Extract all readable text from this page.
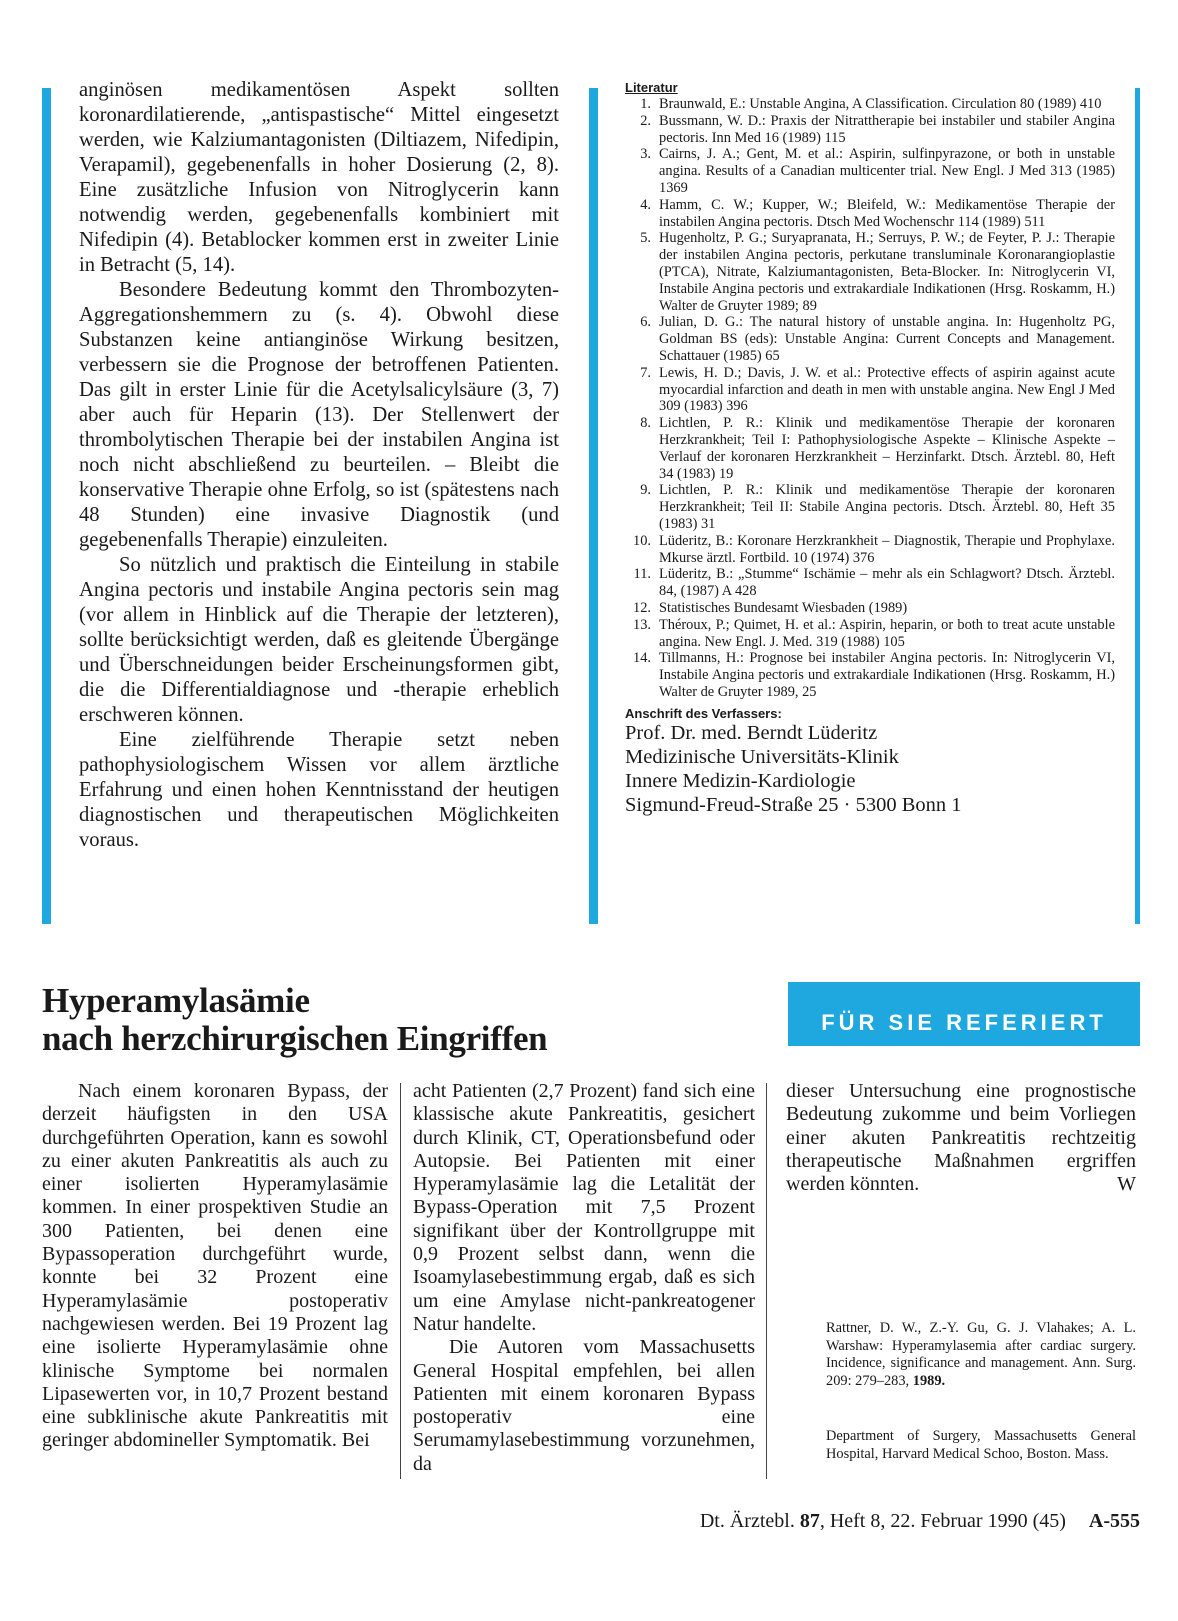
anginösen medikamentösen Aspekt sollten koronardilatierende, „antispastische“ Mittel eingesetzt werden, wie Kalziumantagonisten (Diltiazem, Nifedipin, Verapamil), gegebenenfalls in hoher Dosierung (2, 8). Eine zusätzliche Infusion von Nitroglycerin kann notwendig werden, gegebenenfalls kombiniert mit Nifedipin (4). Betablocker kommen erst in zweiter Linie in Betracht (5, 14).

Besondere Bedeutung kommt den Thrombozyten-Aggregationshemmern zu (s. 4). Obwohl diese Substanzen keine antianginöse Wirkung besitzen, verbessern sie die Prognose der betroffenen Patienten. Das gilt in erster Linie für die Acetylsalicylsäure (3, 7) aber auch für Heparin (13). Der Stellenwert der thrombolytischen Therapie bei der instabilen Angina ist noch nicht abschließend zu beurteilen. – Bleibt die konservative Therapie ohne Erfolg, so ist (spätestens nach 48 Stunden) eine invasive Diagnostik (und gegebenenfalls Therapie) einzuleiten.

So nützlich und praktisch die Einteilung in stabile Angina pectoris und instabile Angina pectoris sein mag (vor allem in Hinblick auf die Therapie der letzteren), sollte berücksichtigt werden, daß es gleitende Übergänge und Überschneidungen beider Erscheinungsformen gibt, die die Differentialdiagnose und -therapie erheblich erschweren können.

Eine zielführende Therapie setzt neben pathophysiologischem Wissen vor allem ärztliche Erfahrung und einen hohen Kenntnisstand der heutigen diagnostischen und therapeutischen Möglichkeiten voraus.

Literatur
1. Braunwald, E.: Unstable Angina, A Classification. Circulation 80 (1989) 410
2. Bussmann, W. D.: Praxis der Nitrattherapie bei instabiler und stabiler Angina pectoris. Inn Med 16 (1989) 115
3. Cairns, J. A.; Gent, M. et al.: Aspirin, sulfinpyrazone, or both in unstable angina. Results of a Canadian multicenter trial. New Engl. J Med 313 (1985) 1369
4. Hamm, C. W.; Kupper, W.; Bleifeld, W.: Medikamentöse Therapie der instabilen Angina pectoris. Dtsch Med Wochenschr 114 (1989) 511
5. Hugenholtz, P. G.; Suryapranata, H.; Serruys, P. W.; de Feyter, P. J.: Therapie der instabilen Angina pectoris, perkutane transluminale Koronarangioplastie (PTCA), Nitrate, Kalziumantagonisten, Beta-Blocker. In: Nitroglycerin VI, Instabile Angina pectoris und extrakardiale Indikationen (Hrsg. Roskamm, H.) Walter de Gruyter 1989; 89
6. Julian, D. G.: The natural history of unstable angina. In: Hugenholtz PG, Goldman BS (eds): Unstable Angina: Current Concepts and Management. Schattauer (1985) 65
7. Lewis, H. D.; Davis, J. W. et al.: Protective effects of aspirin against acute myocardial infarction and death in men with unstable angina. New Engl J Med 309 (1983) 396
8. Lichtlen, P. R.: Klinik und medikamentöse Therapie der koronaren Herzkrankheit; Teil I: Pathophysiologische Aspekte – Klinische Aspekte – Verlauf der koronaren Herzkrankheit – Herzinfarkt. Dtsch. Ärztebl. 80, Heft 34 (1983) 19
9. Lichtlen, P. R.: Klinik und medikamentöse Therapie der koronaren Herzkrankheit; Teil II: Stabile Angina pectoris. Dtsch. Ärztebl. 80, Heft 35 (1983) 31
10. Lüderitz, B.: Koronare Herzkrankheit – Diagnostik, Therapie und Prophylaxe. Mkurse ärztl. Fortbild. 10 (1974) 376
11. Lüderitz, B.: „Stumme“ Ischämie – mehr als ein Schlagwort? Dtsch. Ärztebl. 84, (1987) A 428
12. Statistisches Bundesamt Wiesbaden (1989)
13. Théroux, P.; Quimet, H. et al.: Aspirin, heparin, or both to treat acute unstable angina. New Engl. J. Med. 319 (1988) 105
14. Tillmanns, H.: Prognose bei instabiler Angina pectoris. In: Nitroglycerin VI, Instabile Angina pectoris und extrakardiale Indikationen (Hrsg. Roskamm, H.) Walter de Gruyter 1989, 25
Anschrift des Verfassers:
Prof. Dr. med. Berndt Lüderitz
Medizinische Universitäts-Klinik
Innere Medizin-Kardiologie
Sigmund-Freud-Straße 25 · 5300 Bonn 1
Hyperamylasämie
nach herzchirurgischen Eingriffen	FÜR SIE REFERIERT

Nach einem koronaren Bypass, der derzeit häufigsten in den USA durchgeführten Operation, kann es sowohl zu einer akuten Pankreatitis als auch zu einer isolierten Hyperamylasämie kommen. In einer prospektiven Studie an 300 Patienten, bei denen eine Bypassoperation durchgeführt wurde, konnte bei 32 Prozent eine Hyperamylasämie postoperativ nachgewiesen werden. Bei 19 Prozent lag eine isolierte Hyperamylasämie ohne klinische Symptome bei normalen Lipasewerten vor, in 10,7 Prozent bestand eine subklinische akute Pankreatitis mit geringer abdomineller Symptomatik. Bei

acht Patienten (2,7 Prozent) fand sich eine klassische akute Pankreatitis, gesichert durch Klinik, CT, Operationsbefund oder Autopsie. Bei Patienten mit einer Hyperamylasämie lag die Letalität der Bypass-Operation mit 7,5 Prozent signifikant über der Kontrollgruppe mit 0,9 Prozent selbst dann, wenn die Isoamylasebestimmung ergab, daß es sich um eine Amylase nicht-pankreatogener Natur handelte.

Die Autoren vom Massachusetts General Hospital empfehlen, bei allen Patienten mit einem koronaren Bypass postoperativ eine Serumamylasebestimmung vorzunehmen, da

dieser Untersuchung eine prognostische Bedeutung zukomme und beim Vorliegen einer akuten Pankreatitis rechtzeitig therapeutische Maßnahmen ergriffen werden könnten.	W

Rattner, D. W., Z.-Y. Gu, G. J. Vlahakes; A. L. Warshaw: Hyperamylasemia after cardiac surgery. Incidence, significance and management. Ann. Surg. 209: 279–283, 1989.
Department of Surgery, Massachusetts General Hospital, Harvard Medical Schoo, Boston. Mass.
Dt. Ärztebl. 87, Heft 8, 22. Februar 1990 (45) A-555
